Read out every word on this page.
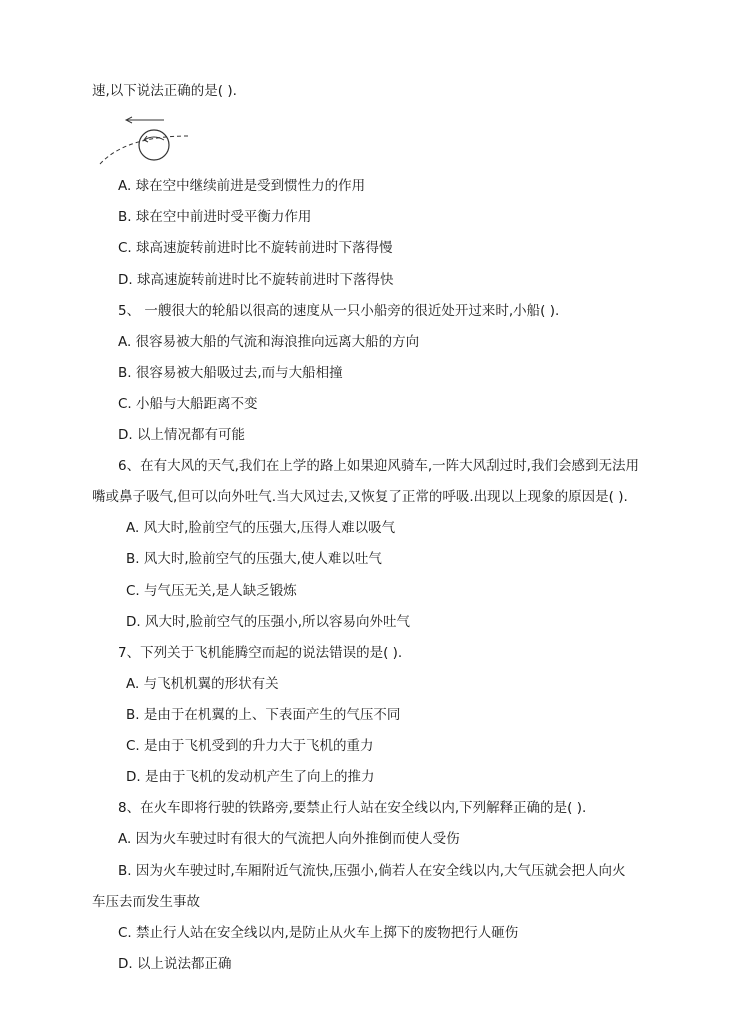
速,以下说法正确的是( ).
A. 球在空中继续前进是受到惯性力的作用
B. 球在空中前进时受平衡力作用
C. 球高速旋转前进时比不旋转前进时下落得慢
D. 球高速旋转前进时比不旋转前进时下落得快
5、 一艘很大的轮船以很高的速度从一只小船旁的很近处开过来时,小船( ).
A. 很容易被大船的气流和海浪推向远离大船的方向
B. 很容易被大船吸过去,而与大船相撞
C. 小船与大船距离不变
D. 以上情况都有可能
6、在有大风的天气,我们在上学的路上如果迎风骑车,一阵大风刮过时,我们会感到无法用
嘴或鼻子吸气,但可以向外吐气.当大风过去,又恢复了正常的呼吸.出现以上现象的原因是( ).
A. 风大时,脸前空气的压强大,压得人难以吸气
B. 风大时,脸前空气的压强大,使人难以吐气
C. 与气压无关,是人缺乏锻炼
D. 风大时,脸前空气的压强小,所以容易向外吐气
7、下列关于飞机能腾空而起的说法错误的是( ).
A. 与飞机机翼的形状有关
B. 是由于在机翼的上、下表面产生的气压不同
C. 是由于飞机受到的升力大于飞机的重力
D. 是由于飞机的发动机产生了向上的推力
8、在火车即将行驶的铁路旁,要禁止行人站在安全线以内,下列解释正确的是( ).
A. 因为火车驶过时有很大的气流把人向外推倒而使人受伤
B. 因为火车驶过时,车厢附近气流快,压强小,倘若人在安全线以内,大气压就会把人向火
车压去而发生事故
C. 禁止行人站在安全线以内,是防止从火车上掷下的废物把行人砸伤
D. 以上说法都正确
